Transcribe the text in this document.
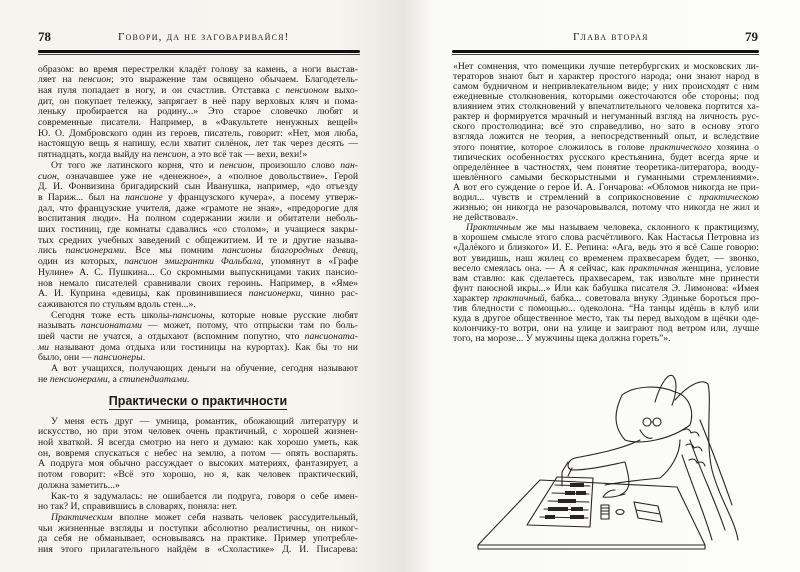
78	Говори, да не заговаривайся!
образом: во время перестрелки кладёт голову за камень, а ноги выстав-
ляет на пенсион; это выражение там освящено обычаем. Благодетель-
ная пуля попадает в ногу, и он счастлив. Отставка с пенсионом выхо-
дит, он покупает тележку, запрягает в неё пару верховых кляч и пома-
леньку пробирается на родину...» Это старое словечко любят и
современные писатели. Например, в «Факультете ненужных вещей»
Ю. О. Домбровского один из героев, писатель, говорит: «Нет, моя люба,
настоящую вещь я напишу, если хватит силёнок, лет так через десять —
пятнадцать, когда выйду на пенсион, а это всё так — вехи, вехи!»
От того же латинского корня, что и пенсион, произошло слово пан-
сион, означавшее уже не «денежное», а «полное довольствие». Герой
Д. И. Фонвизина бригадирский сын Иванушка, например, «до отъезду
в Париж... был на пансионе у французского кучера», а посему утверж-
дал, что французские учителя, даже «грамоте не зная», «предорогие для
воспитания люди». На полном содержании жили и обитатели неболь-
ших гостиниц, где комнаты сдавались «со столом», и учащиеся закры-
тых средних учебных заведений с общежитием. И те и другие называ-
лись пансионерами. Все мы помним пансионы благородных девиц,
один из которых, пансион эмигрантки Фальбала, упомянут в «Графе
Нулине» А. С. Пушкина... Со скромными выпускницами таких пансио-
нов немало писателей сравнивали своих героинь. Например, в «Яме»
А. И. Куприна «девицы, как провинившиеся пансионерки, чинно рас-
саживаются по стульям вдоль стен...».
Сегодня тоже есть школы-пансионы, которые новые русские любят
называть пансионатами — может, потому, что отпрыски там по боль-
шей части не учатся, а отдыхают (вспомним попутно, что пансионата-
ми называют дома отдыха или гостиницы на курортах). Как бы то ни
было, они — пансионеры.
А вот учащихся, получающих деньги на обучение, сегодня называют
не пенсионерами, а стипендиатами.
Практически о практичности
У меня есть друг — умница, романтик, обожающий литературу и
искусство, но при этом человек очень практичный, с хорошей жизнен-
ной хваткой. Я всегда смотрю на него и думаю: как хорошо уметь, как
он, вовремя спускаться с небес на землю, а потом — опять воспарять.
А подруга моя обычно рассуждает о высоких материях, фантазирует, а
потом говорит: «Всё это хорошо, но я, как человек практический,
должна заметить...»
Как-то я задумалась: не ошибается ли подруга, говоря о себе имен-
но так? И, справившись в словарях, поняла: нет.
Практическим вполне может себя назвать человек рассудительный,
чьи жизненные взгляды и поступки абсолютно реалистичны, он никог-
да себя не обманывает, основываясь на практике. Пример употребле-
ния этого прилагательного найдём в «Схоластике» Д. И. Писарева:
Глава вторая	79
«Нет сомнения, что помещики лучше петербургских и московских ли-
тераторов знают быт и характер простого народа; они знают народ в
самом будничном и непривлекательном виде; у них происходят с ним
ежедневные столкновения, которыми ожесточаются обе стороны; под
влиянием этих столкновений у впечатлительного человека портится ха-
рактер и формируется мрачный и негуманный взгляд на личность рус-
ского простолюдина; всё это справедливо, но зато в основу этого
взгляда ложится не теория, а непосредственный опыт, и вследствие
этого понятие, которое сложилось в голове практического хозяина о
типических особенностях русского крестьянина, будет всегда ярче и
определённее в частностях, чем понятие теоретика-литератора, вооду-
шевлённого самыми бескорыстными и гуманными стремлениями».
А вот его суждение о герое И. А. Гончарова: «Обломов никогда не при-
водил... чувств и стремлений в соприкосновение с практическою
жизнью; он никогда не разочаровывался, потому что никогда не жил и
не действовал».
Практичным же мы называем человека, склонного к практицизму,
в хорошем смысле этого слова расчётливого. Как Настасья Петровна из
«Далёкого и близкого» И. Е. Репина: «Ага, ведь это я всё Саше говорю:
вот увидишь, наш жилец со временем прахвесарем будет, — звонко,
весело смеялась она. — А я сейчас, как практичная женщина, условие
вам ставлю: как сделаетесь прахвесарем, так извольте мне принести
фунт паюсной икры...» Или как бабушка писателя Э. Лимонова: «Имея
характер практичный, бабка... советовала внуку Эдиньке бороться про-
тив бледности с помощью... одеколона. “На танцы идёшь в клуб или
куда в другое общественное место, так ты перед выходом в щёчки оде-
колончику-то вотри, они на улице и заиграют под ветром или, лучше
того, на морозе... У мужчины щека должна гореть”».
